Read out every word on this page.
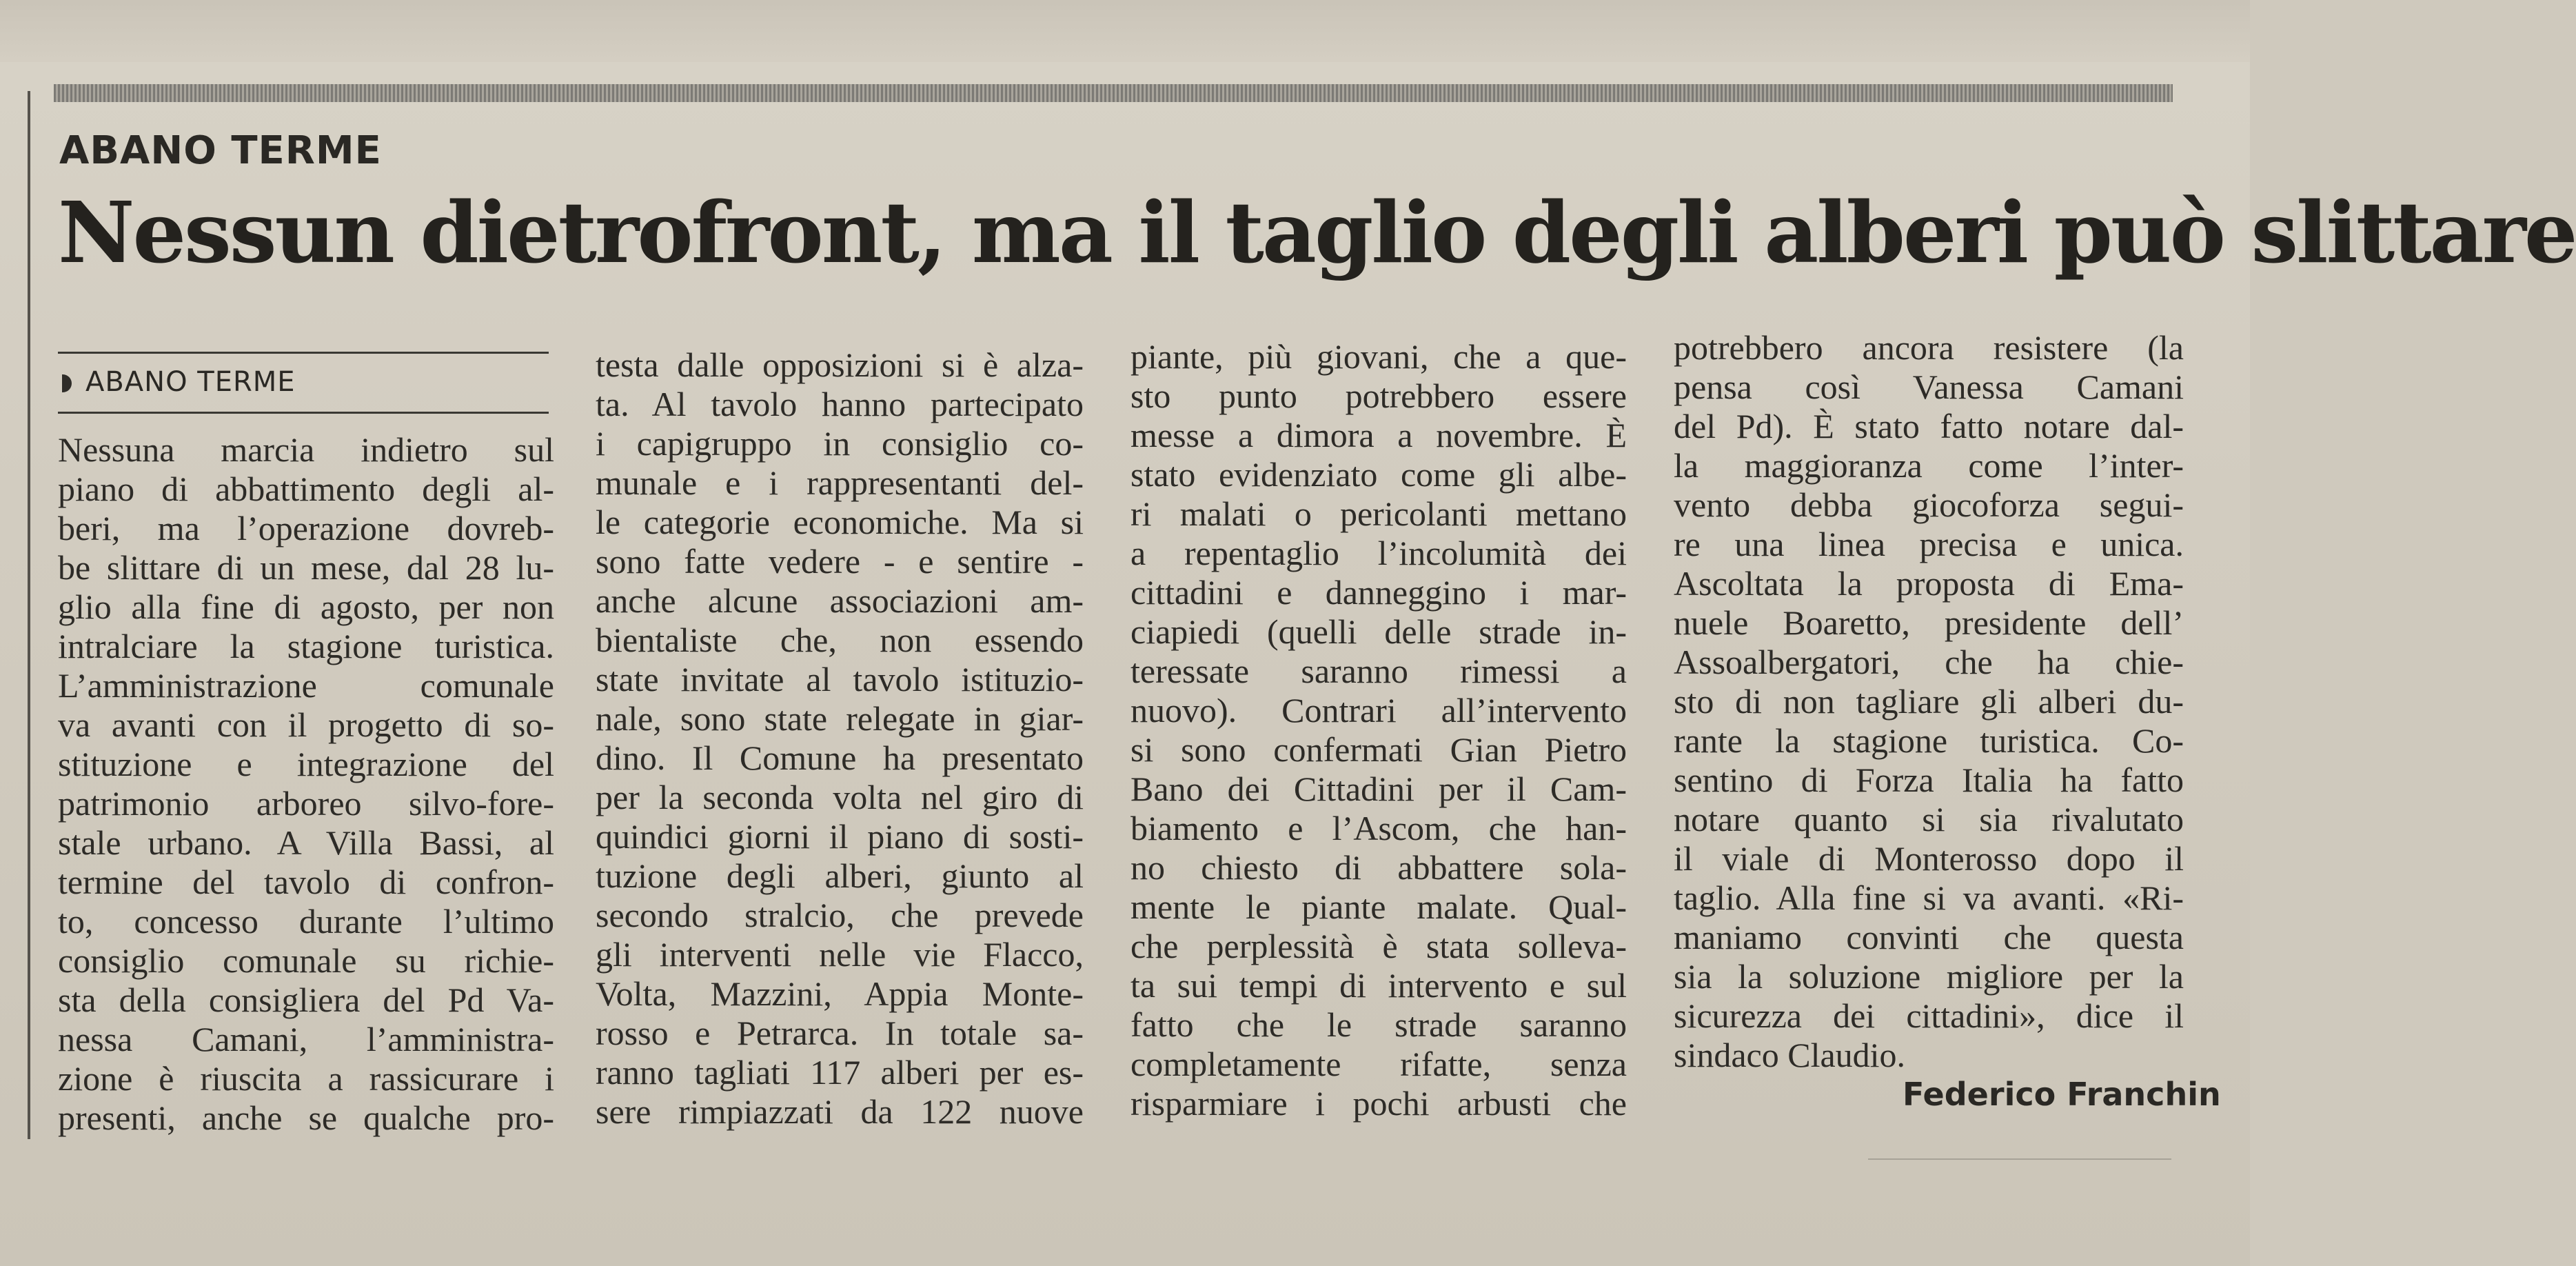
ABANO TERME
Nessun dietrofront, ma il taglio degli alberi può slittare
ABANO TERME
Nessuna marcia indietro sul
piano di abbattimento degli al-
beri, ma l’operazione dovreb-
be slittare di un mese, dal 28 lu-
glio alla fine di agosto, per non
intralciare la stagione turistica.
L’amministrazione comunale
va avanti con il progetto di so-
stituzione e integrazione del
patrimonio arboreo silvo-fore-
stale urbano. A Villa Bassi, al
termine del tavolo di confron-
to, concesso durante l’ultimo
consiglio comunale su richie-
sta della consigliera del Pd Va-
nessa Camani, l’amministra-
zione è riuscita a rassicurare i
presenti, anche se qualche pro-
testa dalle opposizioni si è alza-
ta. Al tavolo hanno partecipato
i capigruppo in consiglio co-
munale e i rappresentanti del-
le categorie economiche. Ma si
sono fatte vedere - e sentire -
anche alcune associazioni am-
bientaliste che, non essendo
state invitate al tavolo istituzio-
nale, sono state relegate in giar-
dino. Il Comune ha presentato
per la seconda volta nel giro di
quindici giorni il piano di sosti-
tuzione degli alberi, giunto al
secondo stralcio, che prevede
gli interventi nelle vie Flacco,
Volta, Mazzini, Appia Monte-
rosso e Petrarca. In totale sa-
ranno tagliati 117 alberi per es-
sere rimpiazzati da 122 nuove
piante, più giovani, che a que-
sto punto potrebbero essere
messe a dimora a novembre. È
stato evidenziato come gli albe-
ri malati o pericolanti mettano
a repentaglio l’incolumità dei
cittadini e danneggino i mar-
ciapiedi (quelli delle strade in-
teressate saranno rimessi a
nuovo). Contrari all’intervento
si sono confermati Gian Pietro
Bano dei Cittadini per il Cam-
biamento e l’Ascom, che han-
no chiesto di abbattere sola-
mente le piante malate. Qual-
che perplessità è stata solleva-
ta sui tempi di intervento e sul
fatto che le strade saranno
completamente rifatte, senza
risparmiare i pochi arbusti che
potrebbero ancora resistere (la
pensa così Vanessa Camani
del Pd). È stato fatto notare dal-
la maggioranza come l’inter-
vento debba giocoforza segui-
re una linea precisa e unica.
Ascoltata la proposta di Ema-
nuele Boaretto, presidente dell’
Assoalbergatori, che ha chie-
sto di non tagliare gli alberi du-
rante la stagione turistica. Co-
sentino di Forza Italia ha fatto
notare quanto si sia rivalutato
il viale di Monterosso dopo il
taglio. Alla fine si va avanti. «Ri-
maniamo convinti che questa
sia la soluzione migliore per la
sicurezza dei cittadini», dice il
sindaco Claudio.
Federico Franchin
